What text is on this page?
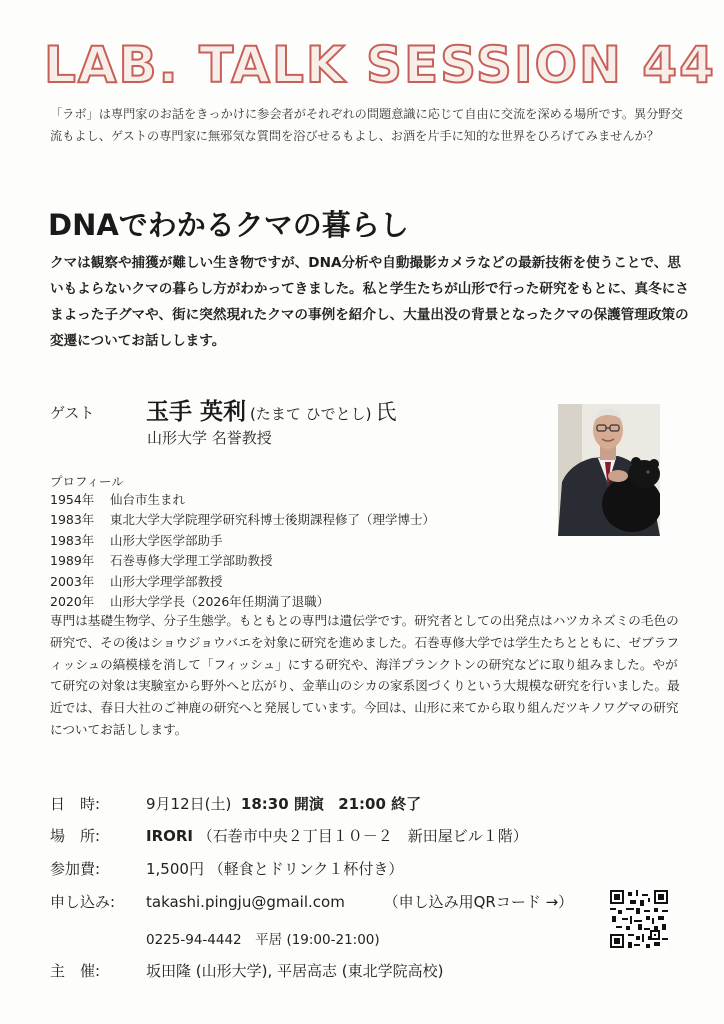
LAB. TALK SESSION 44
「ラボ」は専門家のお話をきっかけに参会者がそれぞれの問題意識に応じて自由に交流を深める場所です。異分野交流もよし、ゲストの専門家に無邪気な質問を浴びせるもよし、お酒を片手に知的な世界をひろげてみませんか？
DNAでわかるクマの暮らし
クマは観察や捕獲が難しい生き物ですが、DNA分析や自動撮影カメラなどの最新技術を使うことで、思いもよらないクマの暮らし方がわかってきました。私と学生たちが山形で行った研究をもとに、真冬にさまよった子グマや、街に突然現れたクマの事例を紹介し、大量出没の背景となったクマの保護管理政策の変遷についてお話しします。
ゲスト 玉手 英利 (たまて ひでとし) 氏
山形大学 名誉教授
プロフィール
1954年	仙台市生まれ
1983年	東北大学大学院理学研究科博士後期課程修了（理学博士）
1983年	山形大学医学部助手
1989年	石巻専修大学理工学部助教授
2003年	山形大学理学部教授
2020年	山形大学学長（2026年任期満了退職）
専門は基礎生物学、分子生態学。もともとの専門は遺伝学です。研究者としての出発点はハツカネズミの毛色の研究で、その後はショウジョウバエを対象に研究を進めました。石巻専修大学では学生たちとともに、ゼブラフィッシュの縞模様を消して「フィッシュ」にする研究や、海洋プランクトンの研究などに取り組みました。やがて研究の対象は実験室から野外へと広がり、金華山のシカの家系図づくりという大規模な研究を行いました。最近では、春日大社のご神鹿の研究へと発展しています。今回は、山形に来てから取り組んだツキノワグマの研究についてお話しします。
日　時:	9月12日(土) 18:30 開演 21:00 終了
場　所:	IRORI （石巻市中央２丁目１０－２　新田屋ビル１階）
参加費:	1,500円 （軽食とドリンク１杯付き）
申し込み: takashi.pingju@gmail.com	（申し込み用QRコード →）
0225-94-4442　平居 (19:00-21:00)
主　催:	坂田隆 (山形大学), 平居高志 (東北学院高校)
